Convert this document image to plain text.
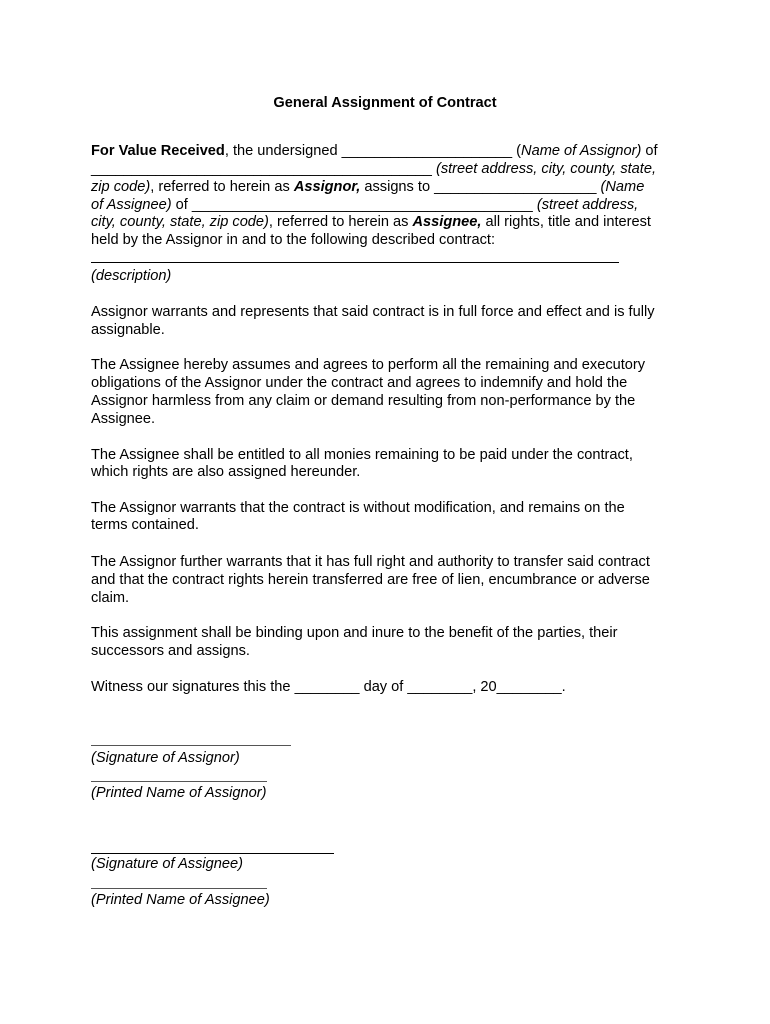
General Assignment of Contract
For Value Received, the undersigned _____________________ (Name of Assignor) of
__________________________________________ (street address, city, county, state,
zip code), referred to herein as Assignor, assigns to ____________________ (Name
of Assignee) of __________________________________________ (street address,
city, county, state, zip code), referred to herein as Assignee, all rights, title and interest
held by the Assignor in and to the following described contract:
(description)
Assignor warrants and represents that said contract is in full force and effect and is fully
assignable.
The Assignee hereby assumes and agrees to perform all the remaining and executory
obligations of the Assignor under the contract and agrees to indemnify and hold the
Assignor harmless from any claim or demand resulting from non-performance by the
Assignee.
The Assignee shall be entitled to all monies remaining to be paid under the contract,
which rights are also assigned hereunder.
The Assignor warrants that the contract is without modification, and remains on the
terms contained.
The Assignor further warrants that it has full right and authority to transfer said contract
and that the contract rights herein transferred are free of lien, encumbrance or adverse
claim.
This assignment shall be binding upon and inure to the benefit of the parties, their
successors and assigns.
Witness our signatures this the ________ day of ________, 20________.
(Signature of Assignor)
(Printed Name of Assignor)
(Signature of Assignee)
(Printed Name of Assignee)
